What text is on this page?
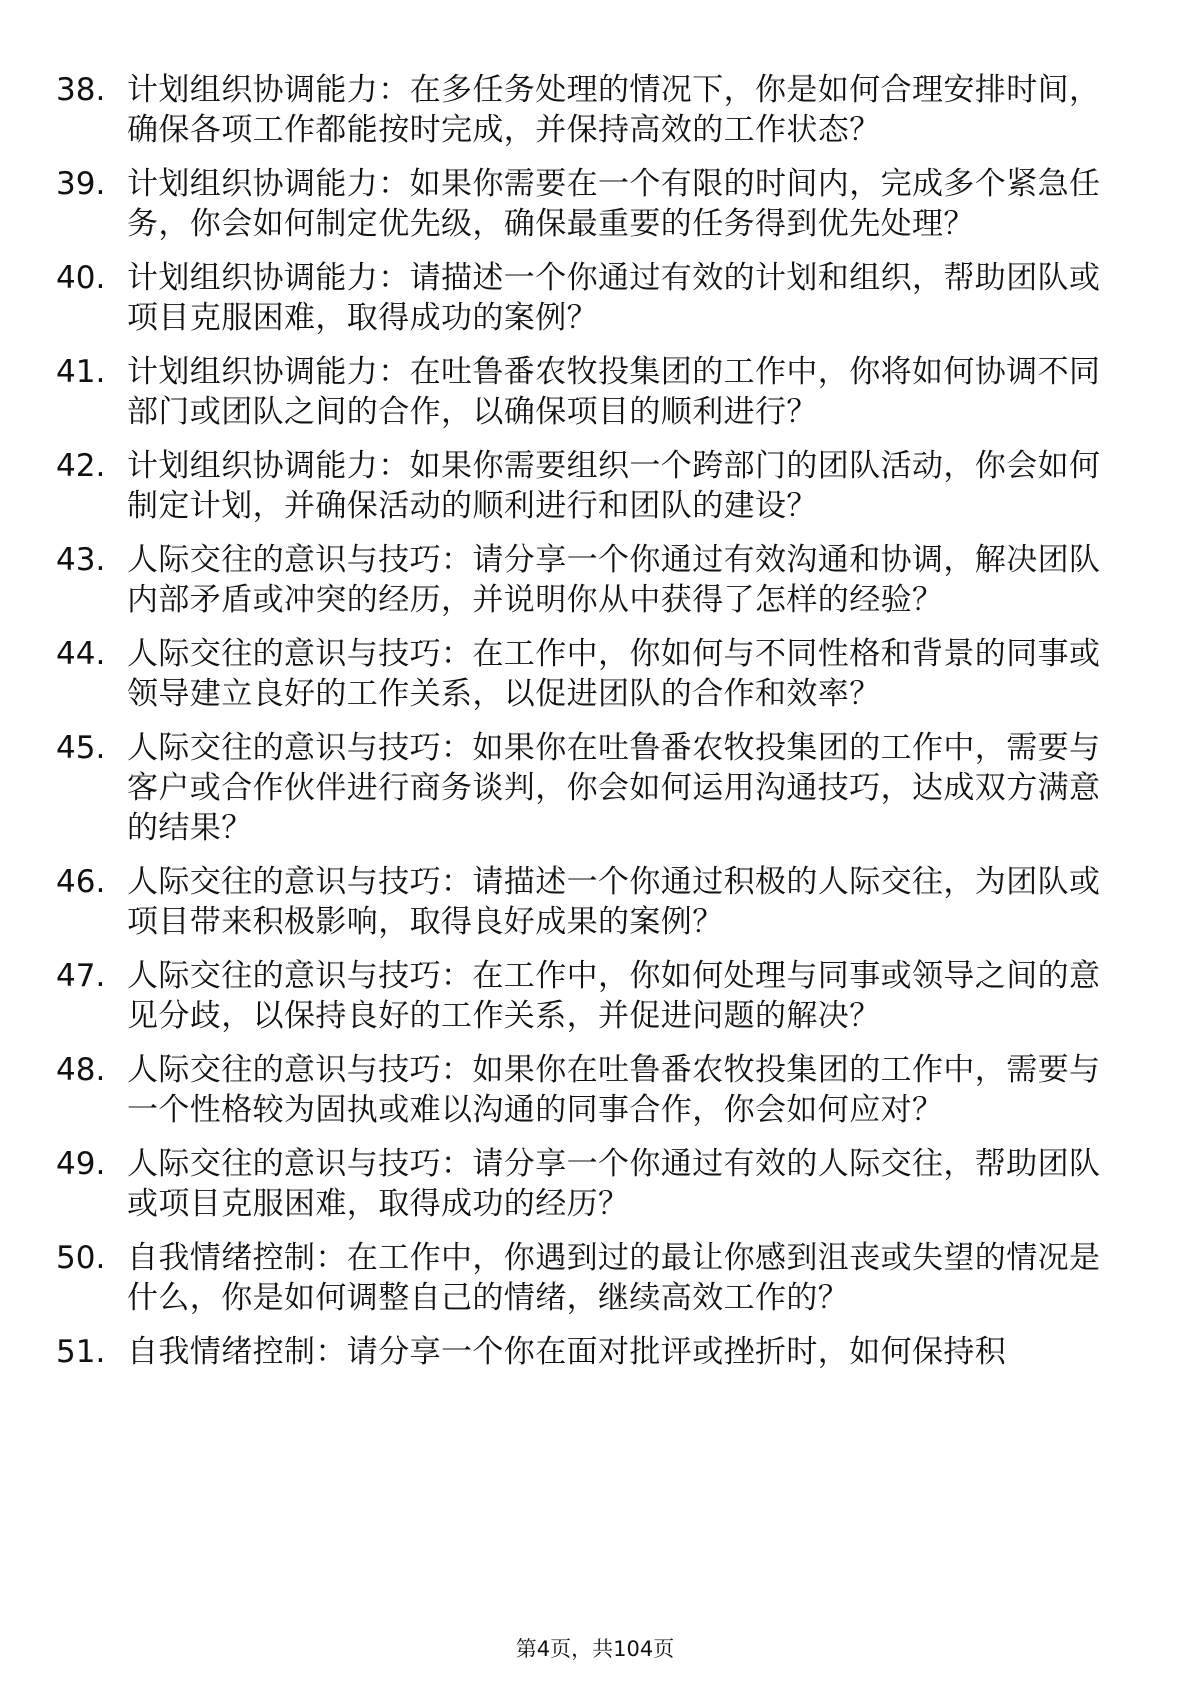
38. 计划组织协调能力：在多任务处理的情况下，你是如何合理安排时间，确保各项工作都能按时完成，并保持高效的工作状态？
39. 计划组织协调能力：如果你需要在一个有限的时间内，完成多个紧急任务，你会如何制定优先级，确保最重要的任务得到优先处理？
40. 计划组织协调能力：请描述一个你通过有效的计划和组织，帮助团队或项目克服困难，取得成功的案例？
41. 计划组织协调能力：在吐鲁番农牧投集团的工作中，你将如何协调不同部门或团队之间的合作，以确保项目的顺利进行？
42. 计划组织协调能力：如果你需要组织一个跨部门的团队活动，你会如何制定计划，并确保活动的顺利进行和团队的建设？
43. 人际交往的意识与技巧：请分享一个你通过有效沟通和协调，解决团队内部矛盾或冲突的经历，并说明你从中获得了怎样的经验？
44. 人际交往的意识与技巧：在工作中，你如何与不同性格和背景的同事或领导建立良好的工作关系，以促进团队的合作和效率？
45. 人际交往的意识与技巧：如果你在吐鲁番农牧投集团的工作中，需要与客户或合作伙伴进行商务谈判，你会如何运用沟通技巧，达成双方满意的结果？
46. 人际交往的意识与技巧：请描述一个你通过积极的人际交往，为团队或项目带来积极影响，取得良好成果的案例？
47. 人际交往的意识与技巧：在工作中，你如何处理与同事或领导之间的意见分歧，以保持良好的工作关系，并促进问题的解决？
48. 人际交往的意识与技巧：如果你在吐鲁番农牧投集团的工作中，需要与一个性格较为固执或难以沟通的同事合作，你会如何应对？
49. 人际交往的意识与技巧：请分享一个你通过有效的人际交往，帮助团队或项目克服困难，取得成功的经历？
50. 自我情绪控制：在工作中，你遇到过的最让你感到沮丧或失望的情况是什么，你是如何调整自己的情绪，继续高效工作的？
51. 自我情绪控制：请分享一个你在面对批评或挫折时，如何保持积
第4页，共104页
